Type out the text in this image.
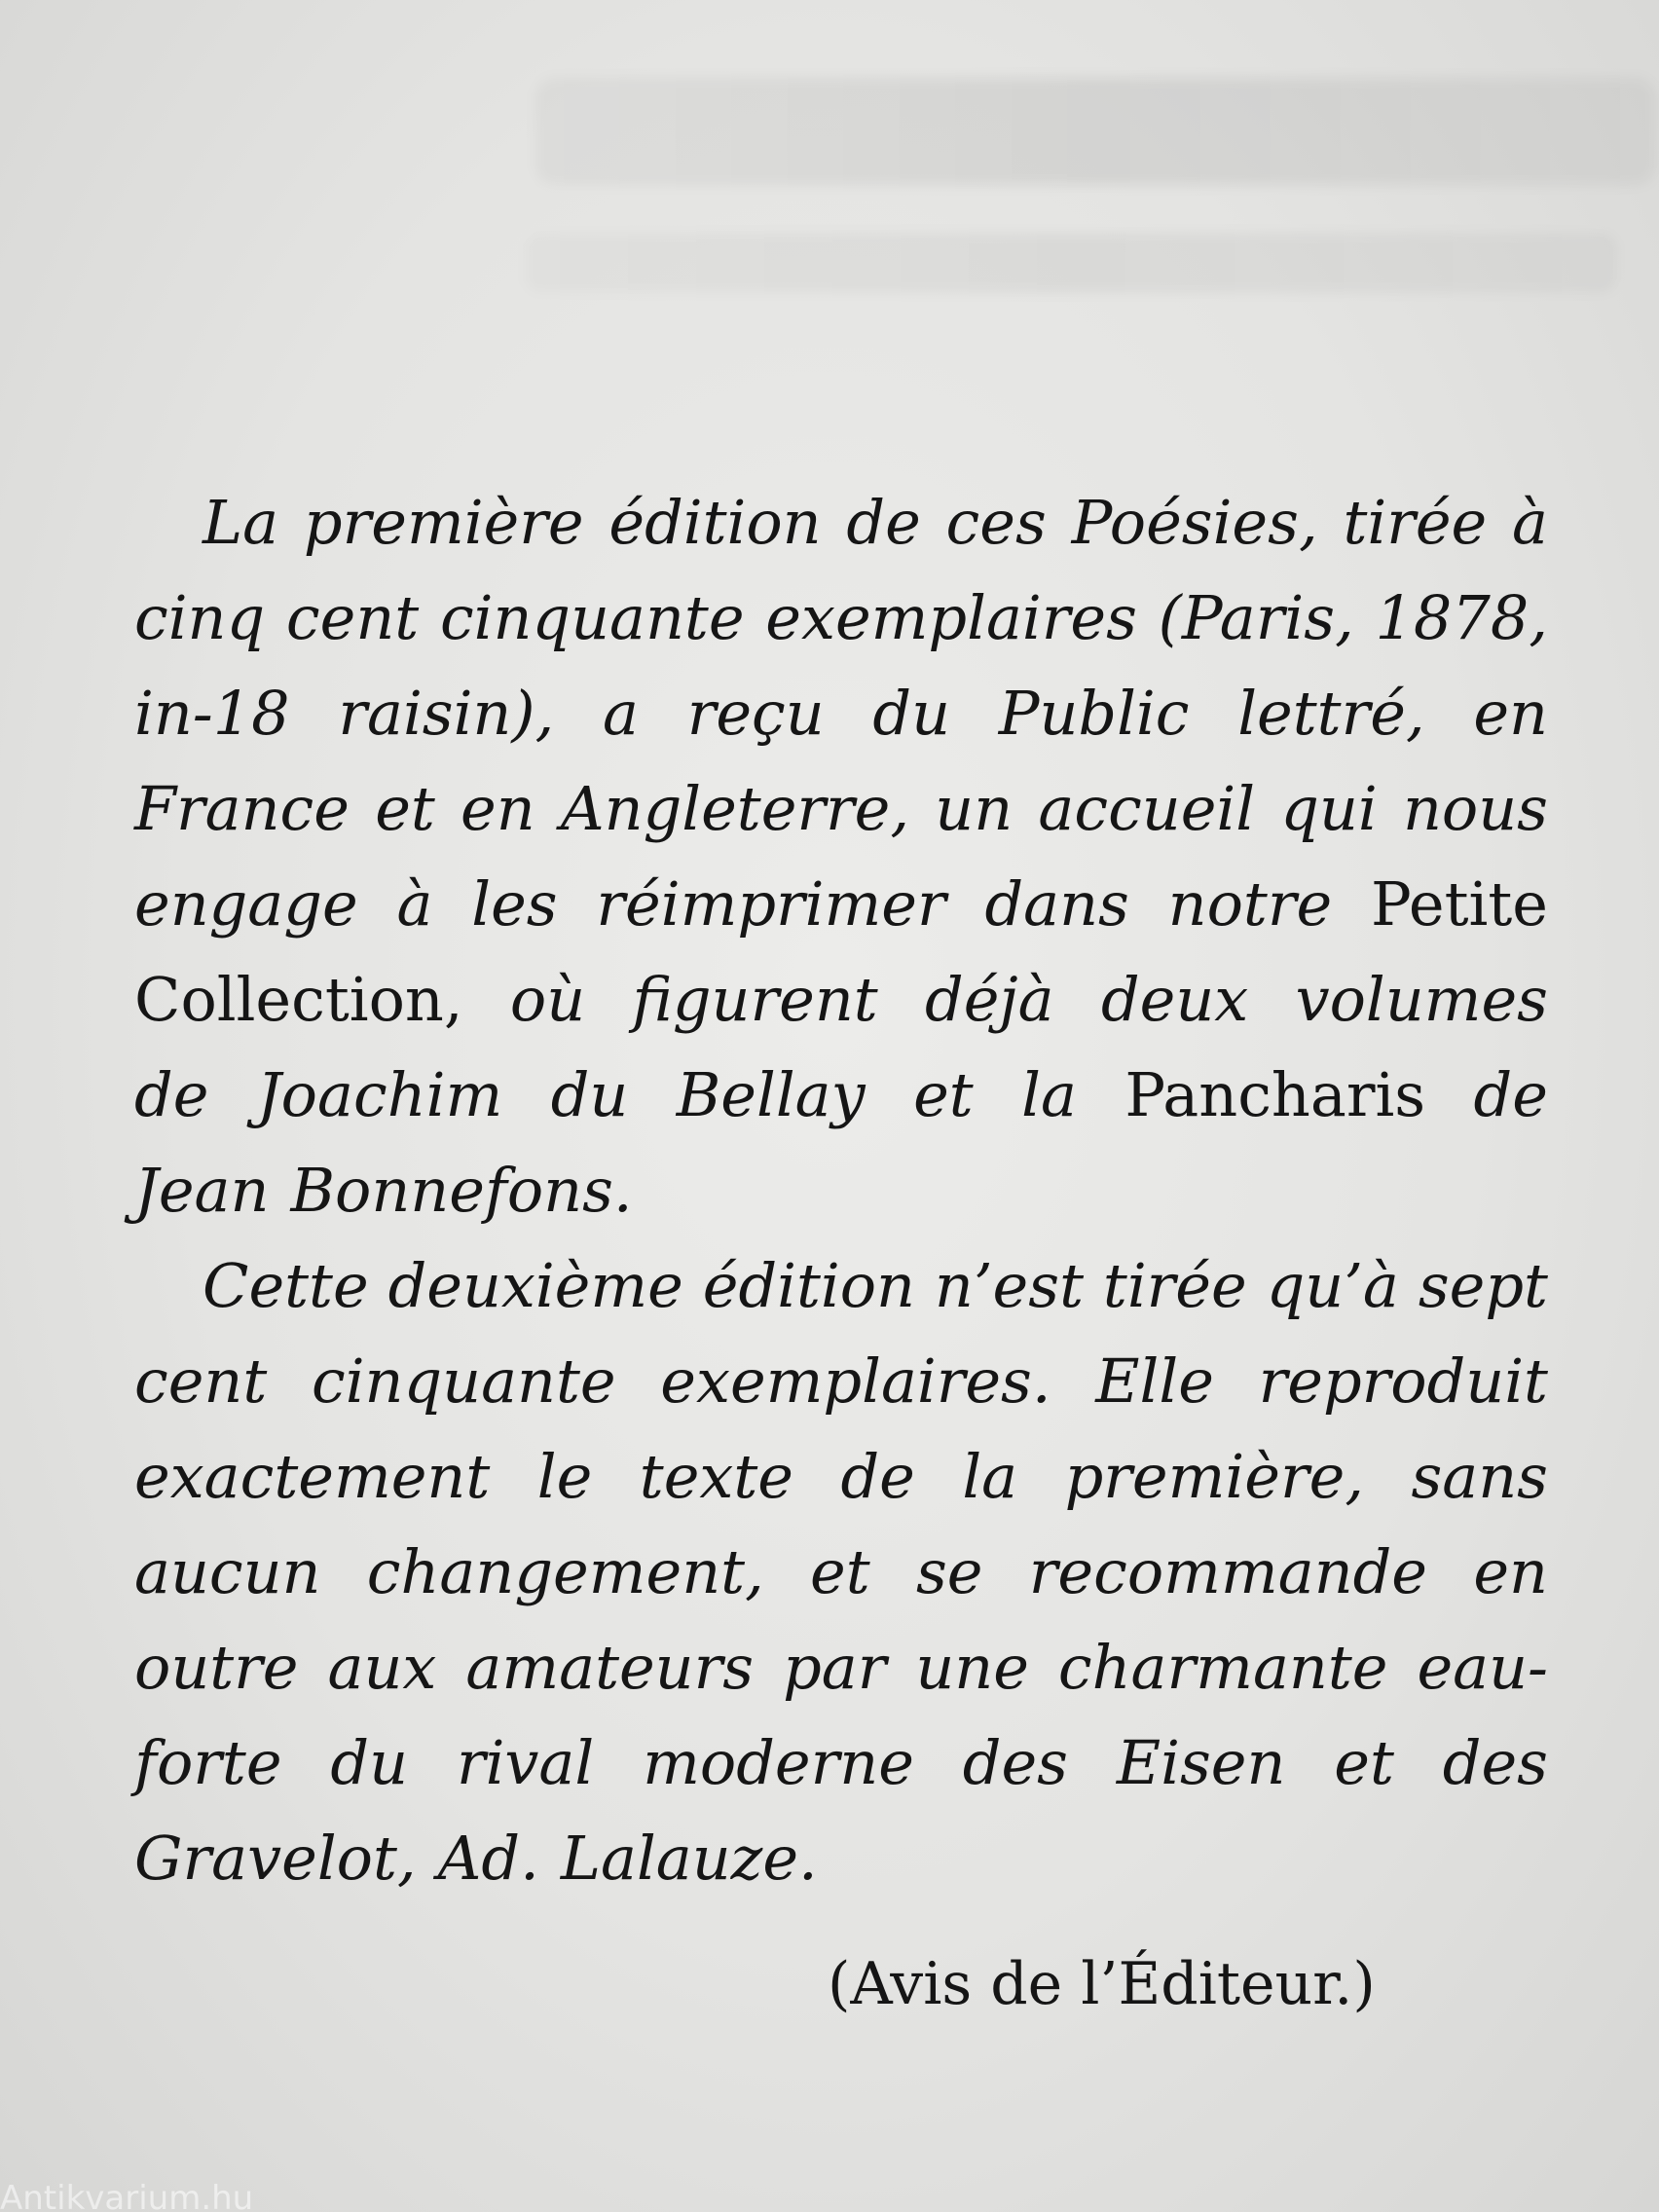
La première édition de ces Poésies, tirée à
cinq cent cinquante exemplaires (Paris, 1878,
in-18 raisin), a reçu du Public lettré, en
France et en Angleterre, un accueil qui nous
engage à les réimprimer dans notre Petite
Collection, où figurent déjà deux volumes
de Joachim du Bellay et la Pancharis de
Jean Bonnefons.
Cette deuxième édition n’est tirée qu’à sept
cent cinquante exemplaires. Elle reproduit
exactement le texte de la première, sans
aucun changement, et se recommande en
outre aux amateurs par une charmante eau-
forte du rival moderne des Eisen et des
Gravelot, Ad. Lalauze.
(Avis de l’Éditeur.)
Antikvarium.hu
